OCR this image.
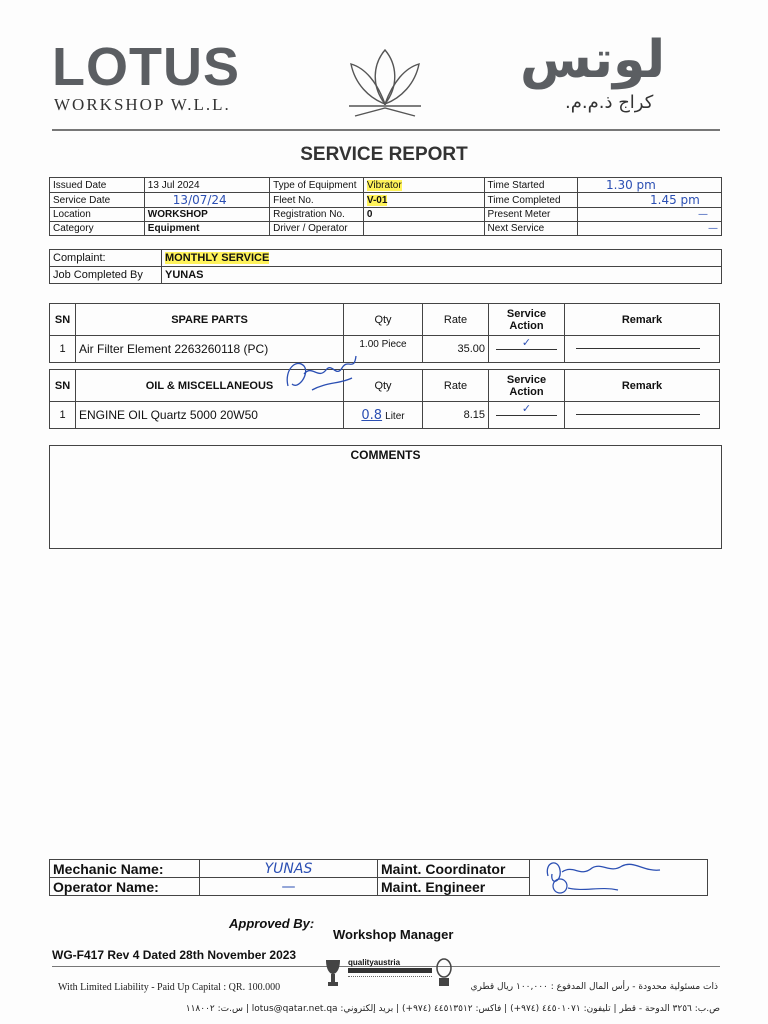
LOTUS
WORKSHOP W.L.L.
لوتس
كراج ذ.م.م.
SERVICE REPORT
Issued Date	13 Jul 2024	Type of Equipment	Vibrator	Time Started	1.30 pm
Service Date	13/07/24	Fleet No.	V-01	Time Completed	1.45 pm
Location	WORKSHOP	Registration No.	0	Present Meter	—
Category	Equipment	Driver / Operator		Next Service	—
Complaint:	MONTHLY SERVICE
Job Completed By	YUNAS
SN	SPARE PARTS	Qty	Rate	Service Action	Remark
1	Air Filter Element 2263260118 (PC)	1.00 Piece	35.00	✓	

SN	OIL & MISCELLANEOUS	Qty	Rate	Service Action	Remark
1	ENGINE OIL Quartz 5000 20W50	0.8 Liter	8.15	✓	

COMMENTS
Mechanic Name:	YUNAS	Maint. Coordinator	

Operator Name:	—	Maint. Engineer	
Approved By:
Workshop Manager
WG-F417 Rev 4 Dated 28th November 2023
With Limited Liability - Paid Up Capital : QR. 100.000
qualityaustria
ذات مسئولية محدودة - رأس المال المدفوع : ١٠٠,٠٠٠ ريال قطري
ص.ب: ٣٢٥٦ الدوحة - قطر | تليفون: ٤٤٥٠١٠٧١ (٩٧٤+) | فاكس: ٤٤٥١٣٥١٢ (٩٧٤+) | بريد إلكتروني: lotus@qatar.net.qa | س.ت: ١١٨٠٠٢
